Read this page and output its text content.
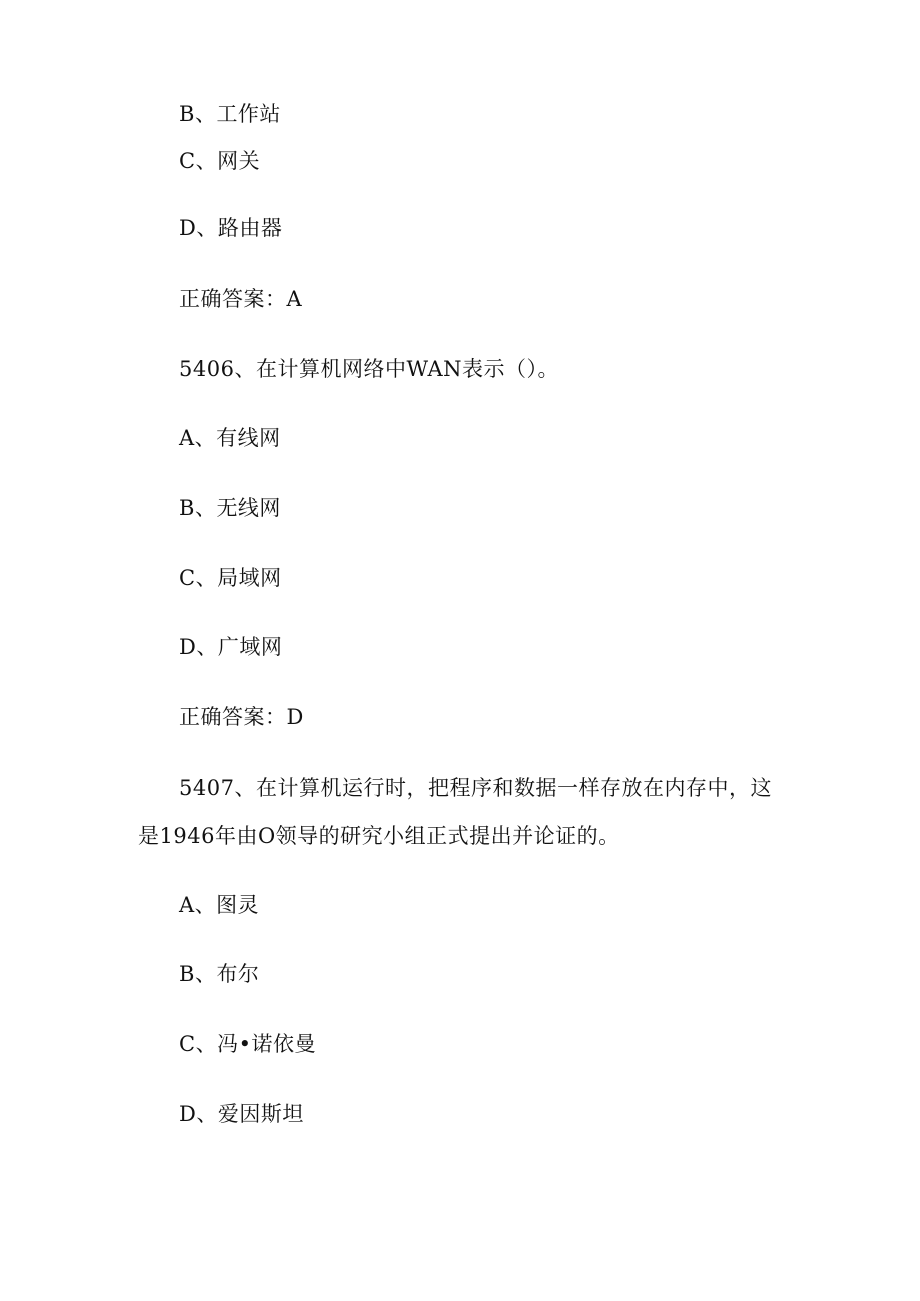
B、工作站
C、网关
D、路由器
正确答案：A
5406、在计算机网络中WAN表示（）。
A、有线网
B、无线网
C、局域网
D、广域网
正确答案：D
5407、在计算机运行时，把程序和数据一样存放在内存中，这
是1946年由O领导的研究小组正式提出并论证的。
A、图灵
B、布尔
C、冯•诺依曼
D、爱因斯坦
